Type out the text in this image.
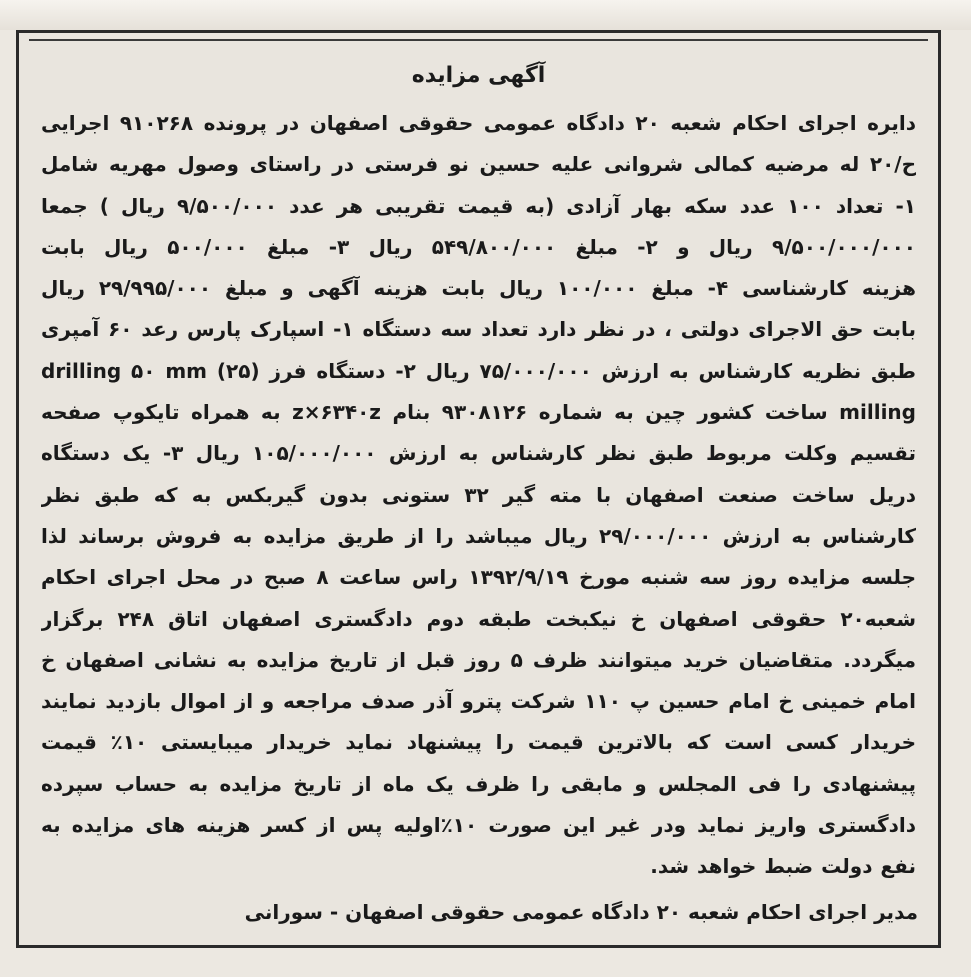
آگهی مزایده
دایره اجرای احکام شعبه ۲۰ دادگاه عمومی حقوقی اصفهان در پرونده ۹۱۰۲۶۸ اجرایی
ح/۲۰ له مرضیه کمالی شروانی علیه حسین نو فرستی در راستای وصول مهریه شامل
۱- تعداد ۱۰۰ عدد سکه بهار آزادی (به قیمت تقریبی هر عدد ۹/۵۰۰/۰۰۰ ریال ) جمعا
۹/۵۰۰/۰۰۰/۰۰۰ ریال و ۲- مبلغ ۵۴۹/۸۰۰/۰۰۰ ریال ۳- مبلغ ۵۰۰/۰۰۰ ریال بابت
هزینه کارشناسی ۴- مبلغ ۱۰۰/۰۰۰ ریال بابت هزینه آگهی و مبلغ ۲۹/۹۹۵/۰۰۰ ریال
بابت حق الاجرای دولتی ، در نظر دارد تعداد سه دستگاه ۱- اسپارک پارس رعد ۶۰ آمپری
طبق نظریه کارشناس به ارزش ۷۵/۰۰۰/۰۰۰ ریال ۲- دستگاه فرز drilling ۵۰ mm (۲۵)
milling ساخت کشور چین به شماره ۹۳۰۸۱۲۶ بنام z×۶۳۴۰z به همراه تایکوپ صفحه
تقسیم وکلت مربوط طبق نظر کارشناس به ارزش ۱۰۵/۰۰۰/۰۰۰ ریال ۳- یک دستگاه
دریل ساخت صنعت اصفهان با مته گیر ۳۲ ستونی بدون گیربکس به که طبق نظر
کارشناس به ارزش ۲۹/۰۰۰/۰۰۰ ریال میباشد را از طریق مزایده به فروش برساند لذا
جلسه مزایده روز سه شنبه مورخ ۱۳۹۲/۹/۱۹ راس ساعت ۸ صبح در محل اجرای احکام
شعبه۲۰ حقوقی اصفهان خ نیکبخت طبقه دوم دادگستری اصفهان اتاق ۲۴۸ برگزار
میگردد. متقاضیان خرید میتوانند ظرف ۵ روز قبل از تاریخ مزایده به نشانی اصفهان خ
امام خمینی خ امام حسین پ ۱۱۰ شرکت پترو آذر صدف مراجعه و از اموال بازدید نمایند
خریدار کسی است که بالاترین قیمت را پیشنهاد نماید خریدار میبایستی ۱۰٪ قیمت
پیشنهادی را فی المجلس و مابقی را ظرف یک ماه از تاریخ مزایده به حساب سپرده
دادگستری واریز نماید ودر غیر این صورت ۱۰٪اولیه پس از کسر هزینه های مزایده به
نفع دولت ضبط خواهد شد.
مدیر اجرای احکام شعبه ۲۰ دادگاه عمومی حقوقی اصفهان - سورانی
